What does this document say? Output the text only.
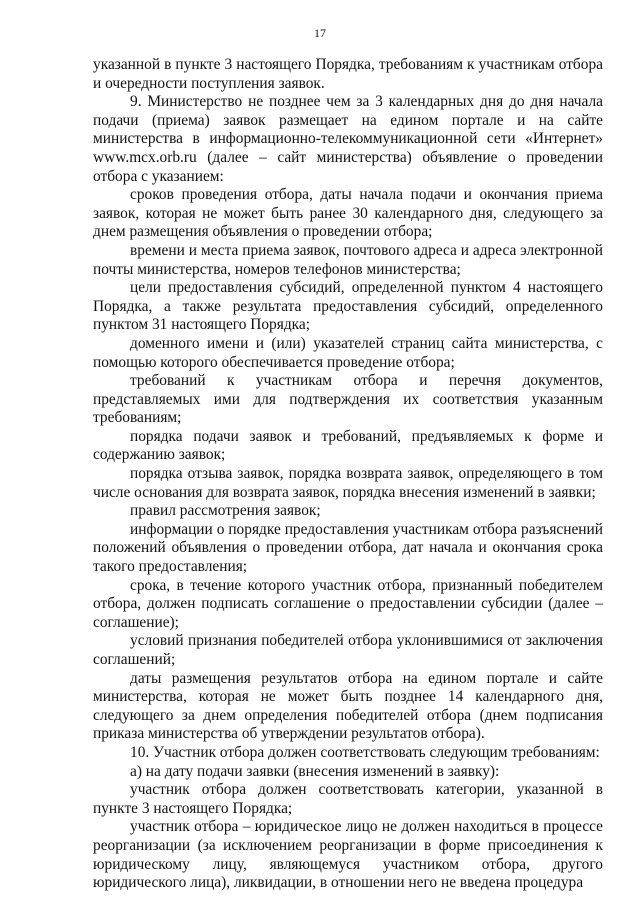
17

указанной в пункте 3 настоящего Порядка, требованиям к участникам отбора и очередности поступления заявок.

9. Министерство не позднее чем за 3 календарных дня до дня начала подачи (приема) заявок размещает на едином портале и на сайте министерства в информационно-телекоммуникационной сети «Интернет» www.mcx.orb.ru (далее – сайт министерства) объявление о проведении отбора с указанием:

сроков проведения отбора, даты начала подачи и окончания приема заявок, которая не может быть ранее 30 календарного дня, следующего за днем размещения объявления о проведении отбора;

времени и места приема заявок, почтового адреса и адреса электронной почты министерства, номеров телефонов министерства;

цели предоставления субсидий, определенной пунктом 4 настоящего Порядка, а также результата предоставления субсидий, определенного пунктом 31 настоящего Порядка;

доменного имени и (или) указателей страниц сайта министерства, с помощью которого обеспечивается проведение отбора;

требований к участникам отбора и перечня документов, представляемых ими для подтверждения их соответствия указанным требованиям;

порядка подачи заявок и требований, предъявляемых к форме и содержанию заявок;

порядка отзыва заявок, порядка возврата заявок, определяющего в том числе основания для возврата заявок, порядка внесения изменений в заявки;

правил рассмотрения заявок;

информации о порядке предоставления участникам отбора разъяснений положений объявления о проведении отбора, дат начала и окончания срока такого предоставления;

срока, в течение которого участник отбора, признанный победителем отбора, должен подписать соглашение о предоставлении субсидии (далее – соглашение);

условий признания победителей отбора уклонившимися от заключения соглашений;

даты размещения результатов отбора на едином портале и сайте министерства, которая не может быть позднее 14 календарного дня, следующего за днем определения победителей отбора (днем подписания приказа министерства об утверждении результатов отбора).

10. Участник отбора должен соответствовать следующим требованиям:

а) на дату подачи заявки (внесения изменений в заявку):

участник отбора должен соответствовать категории, указанной в пункте 3 настоящего Порядка;

участник отбора – юридическое лицо не должен находиться в процессе реорганизации (за исключением реорганизации в форме присоединения к юридическому лицу, являющемуся участником отбора, другого юридического лица), ликвидации, в отношении него не введена процедура
